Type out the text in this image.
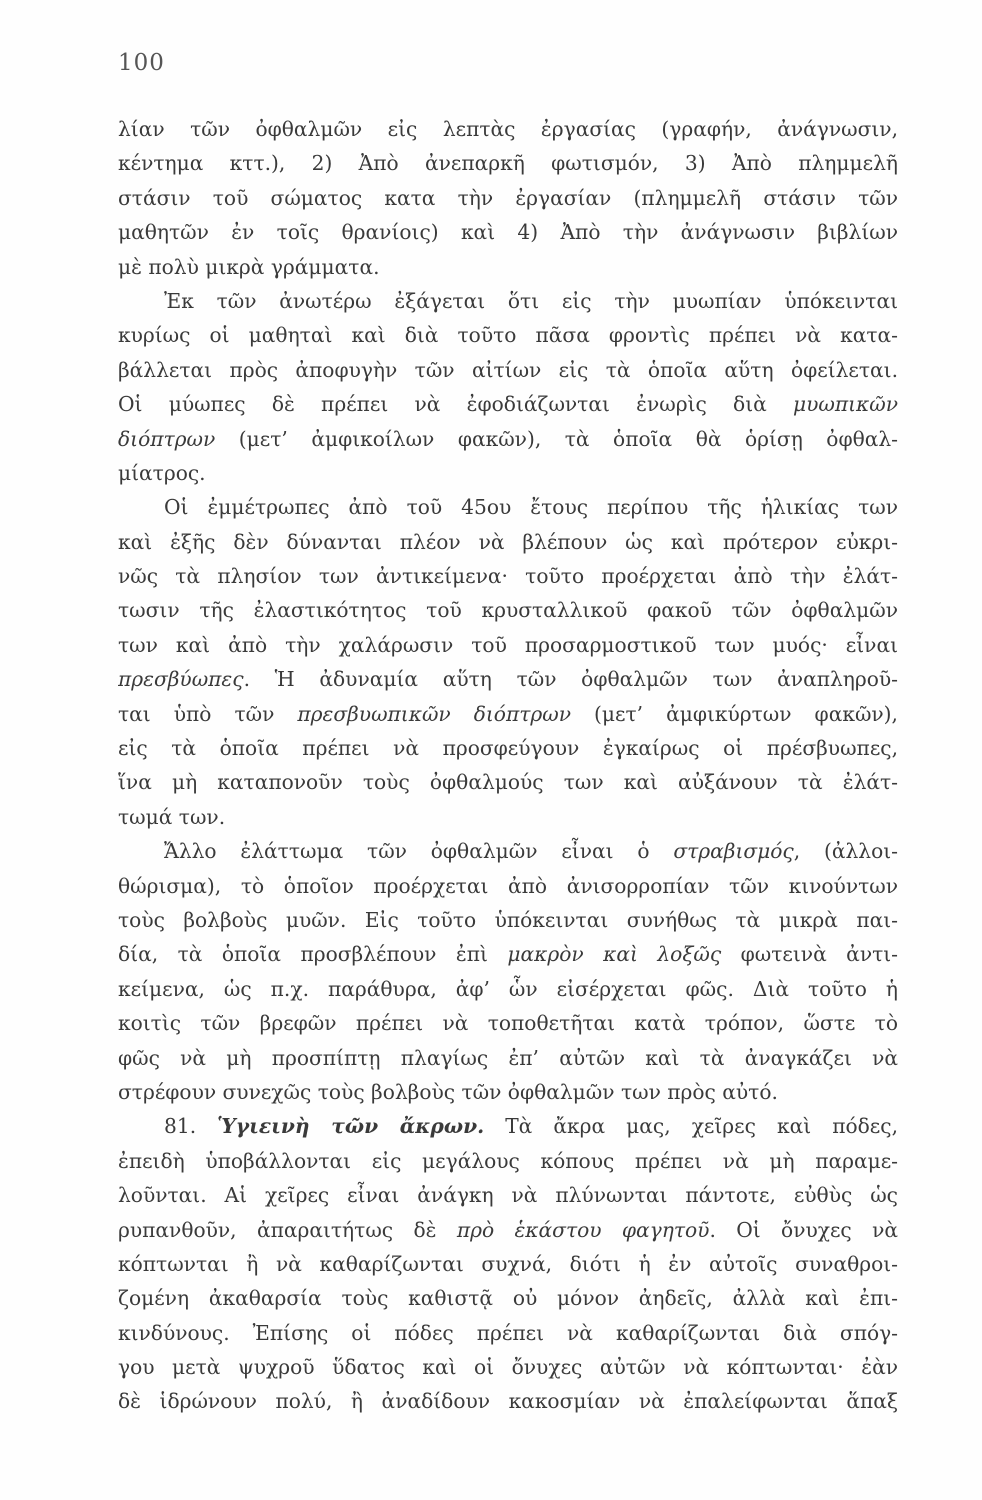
100
λίαν τῶν ὀφθαλμῶν εἰς λεπτὰς ἐργασίας (γραφήν, ἀνάγνωσιν,
κέντημα κττ.), 2) Ἀπὸ ἀνεπαρκῆ φωτισμόν, 3) Ἀπὸ πλημμελῆ
στάσιν τοῦ σώματος κατα τὴν ἐργασίαν (πλημμελῆ στάσιν τῶν
μαθητῶν ἐν τοῖς θρανίοις) καὶ 4) Ἀπὸ τὴν ἀνάγνωσιν βιβλίων
μὲ πολὺ μικρὰ γράμματα.
Ἐκ τῶν ἀνωτέρω ἐξάγεται ὅτι εἰς τὴν μυωπίαν ὑπόκεινται
κυρίως οἱ μαθηταὶ καὶ διὰ τοῦτο πᾶσα φροντὶς πρέπει νὰ κατα-
βάλλεται πρὸς ἀποφυγὴν τῶν αἰτίων εἰς τὰ ὁποῖα αὕτη ὀφείλεται.
Οἱ μύωπες δὲ πρέπει νὰ ἐφοδιάζωνται ἐνωρὶς διὰ μυωπικῶν
διόπτρων (μετ’ ἀμφικοίλων φακῶν), τὰ ὁποῖα θὰ ὁρίσῃ ὀφθαλ-
μίατρος.
Οἱ ἐμμέτρωπες ἀπὸ τοῦ 45ου ἔτους περίπου τῆς ἡλικίας των
καὶ ἐξῆς δὲν δύνανται πλέον νὰ βλέπουν ὡς καὶ πρότερον εὐκρι-
νῶς τὰ πλησίον των ἀντικείμενα· τοῦτο προέρχεται ἀπὸ τὴν ἐλάτ-
τωσιν τῆς ἐλαστικότητος τοῦ κρυσταλλικοῦ φακοῦ τῶν ὀφθαλμῶν
των καὶ ἀπὸ τὴν χαλάρωσιν τοῦ προσαρμοστικοῦ των μυός· εἶναι
πρεσβύωπες. Ἡ ἀδυναμία αὕτη τῶν ὀφθαλμῶν των ἀναπληροῦ-
ται ὑπὸ τῶν πρεσβυωπικῶν διόπτρων (μετ’ ἀμφικύρτων φακῶν),
εἰς τὰ ὁποῖα πρέπει νὰ προσφεύγουν ἐγκαίρως οἱ πρέσβυωπες,
ἵνα μὴ καταπονοῦν τοὺς ὀφθαλμούς των καὶ αὐξάνουν τὰ ἐλάτ-
τωμά των.
Ἄλλο ἐλάττωμα τῶν ὀφθαλμῶν εἶναι ὁ στραβισμός, (ἀλλοι-
θώρισμα), τὸ ὁποῖον προέρχεται ἀπὸ ἀνισορροπίαν τῶν κινούντων
τοὺς βολβοὺς μυῶν. Εἰς τοῦτο ὑπόκεινται συνήθως τὰ μικρὰ παι-
δία, τὰ ὁποῖα προσβλέπουν ἐπὶ μακρὸν καὶ λοξῶς φωτεινὰ ἀντι-
κείμενα, ὡς π.χ. παράθυρα, ἀφ’ ὧν εἰσέρχεται φῶς. Διὰ τοῦτο ἡ
κοιτὶς τῶν βρεφῶν πρέπει νὰ τοποθετῆται κατὰ τρόπον, ὥστε τὸ
φῶς νὰ μὴ προσπίπτῃ πλαγίως ἐπ’ αὐτῶν καὶ τὰ ἀναγκάζει νὰ
στρέφουν συνεχῶς τοὺς βολβοὺς τῶν ὀφθαλμῶν των πρὸς αὐτό.
81. Ὑγιεινὴ τῶν ἄκρων. Τὰ ἄκρα μας, χεῖρες καὶ πόδες,
ἐπειδὴ ὑποβάλλονται εἰς μεγάλους κόπους πρέπει νὰ μὴ παραμε-
λοῦνται. Αἱ χεῖρες εἶναι ἀνάγκη νὰ πλύνωνται πάντοτε, εὐθὺς ὡς
ρυπανθοῦν, ἀπαραιτήτως δὲ πρὸ ἑκάστου φαγητοῦ. Οἱ ὄνυχες νὰ
κόπτωνται ἢ νὰ καθαρίζωνται συχνά, διότι ἡ ἐν αὐτοῖς συναθροι-
ζομένη ἀκαθαρσία τοὺς καθιστᾷ οὐ μόνον ἀηδεῖς, ἀλλὰ καὶ ἐπι-
κινδύνους. Ἐπίσης οἱ πόδες πρέπει νὰ καθαρίζωνται διὰ σπόγ-
γου μετὰ ψυχροῦ ὕδατος καὶ οἱ ὄνυχες αὐτῶν νὰ κόπτωνται· ἐὰν
δὲ ἱδρώνουν πολύ, ἢ ἀναδίδουν κακοσμίαν νὰ ἐπαλείφωνται ἅπαξ
